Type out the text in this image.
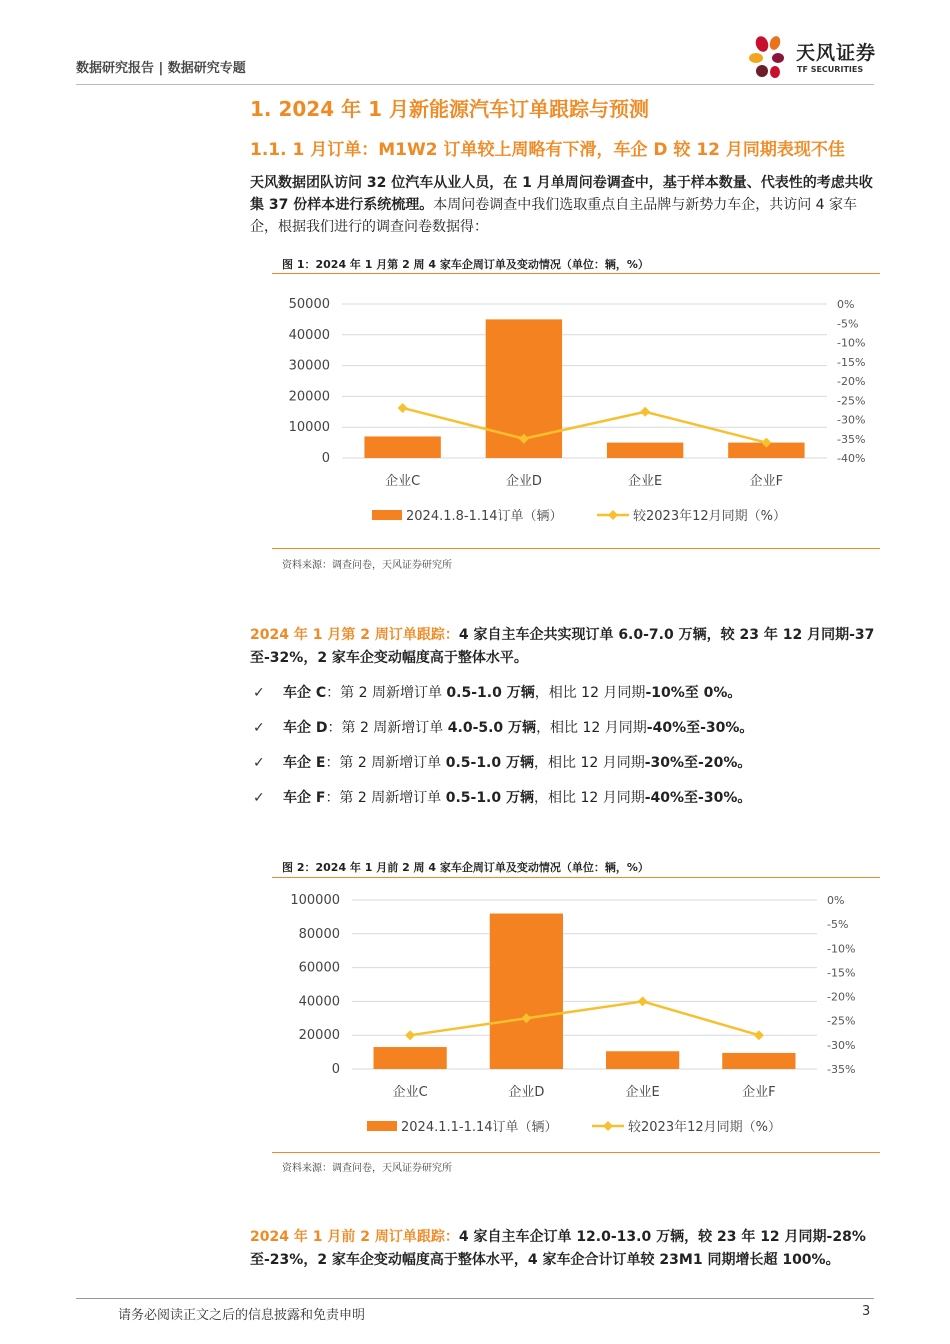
数据研究报告 | 数据研究专题
天风证券
TF SECURITIES
1. 2024 年 1 月新能源汽车订单跟踪与预测
1.1. 1 月订单：M1W2 订单较上周略有下滑，车企 D 较 12 月同期表现不佳
天风数据团队访问 32 位汽车从业人员，在 1 月单周问卷调查中，基于样本数量、代表性的考虑共收集 37 份样本进行系统梳理。本周问卷调查中我们选取重点自主品牌与新势力车企，共访问 4 家车企，根据我们进行的调查问卷数据得：
图 1：2024 年 1 月第 2 周 4 家车企周订单及变动情况（单位：辆，%）
0
10000
20000
30000
40000
50000
-40%
-35%
-30%
-25%
-20%
-15%
-10%
-5%
0%
企业C	企业D	企业E	企业F
2024.1.8-1.14订单（辆）	较2023年12月同期（%）
资料来源：调查问卷，天风证券研究所
2024 年 1 月第 2 周订单跟踪：4 家自主车企共实现订单 6.0-7.0 万辆，较 23 年 12 月同期-37 至-32%，2 家车企变动幅度高于整体水平。
✓ 车企 C：第 2 周新增订单 0.5-1.0 万辆，相比 12 月同期-10%至 0%。
✓ 车企 D：第 2 周新增订单 4.0-5.0 万辆，相比 12 月同期-40%至-30%。
✓ 车企 E：第 2 周新增订单 0.5-1.0 万辆，相比 12 月同期-30%至-20%。
✓ 车企 F：第 2 周新增订单 0.5-1.0 万辆，相比 12 月同期-40%至-30%。
图 2：2024 年 1 月前 2 周 4 家车企周订单及变动情况（单位：辆，%）
0
20000
40000
60000
80000
100000
-35%
-30%
-25%
-20%
-15%
-10%
-5%
0%
企业C	企业D	企业E	企业F
2024.1.1-1.14订单（辆）	较2023年12月同期（%）
资料来源：调查问卷，天风证券研究所
2024 年 1 月前 2 周订单跟踪：4 家自主车企订单 12.0-13.0 万辆，较 23 年 12 月同期-28%至-23%，2 家车企变动幅度高于整体水平，4 家车企合计订单较 23M1 同期增长超 100%。
请务必阅读正文之后的信息披露和免责申明	3
